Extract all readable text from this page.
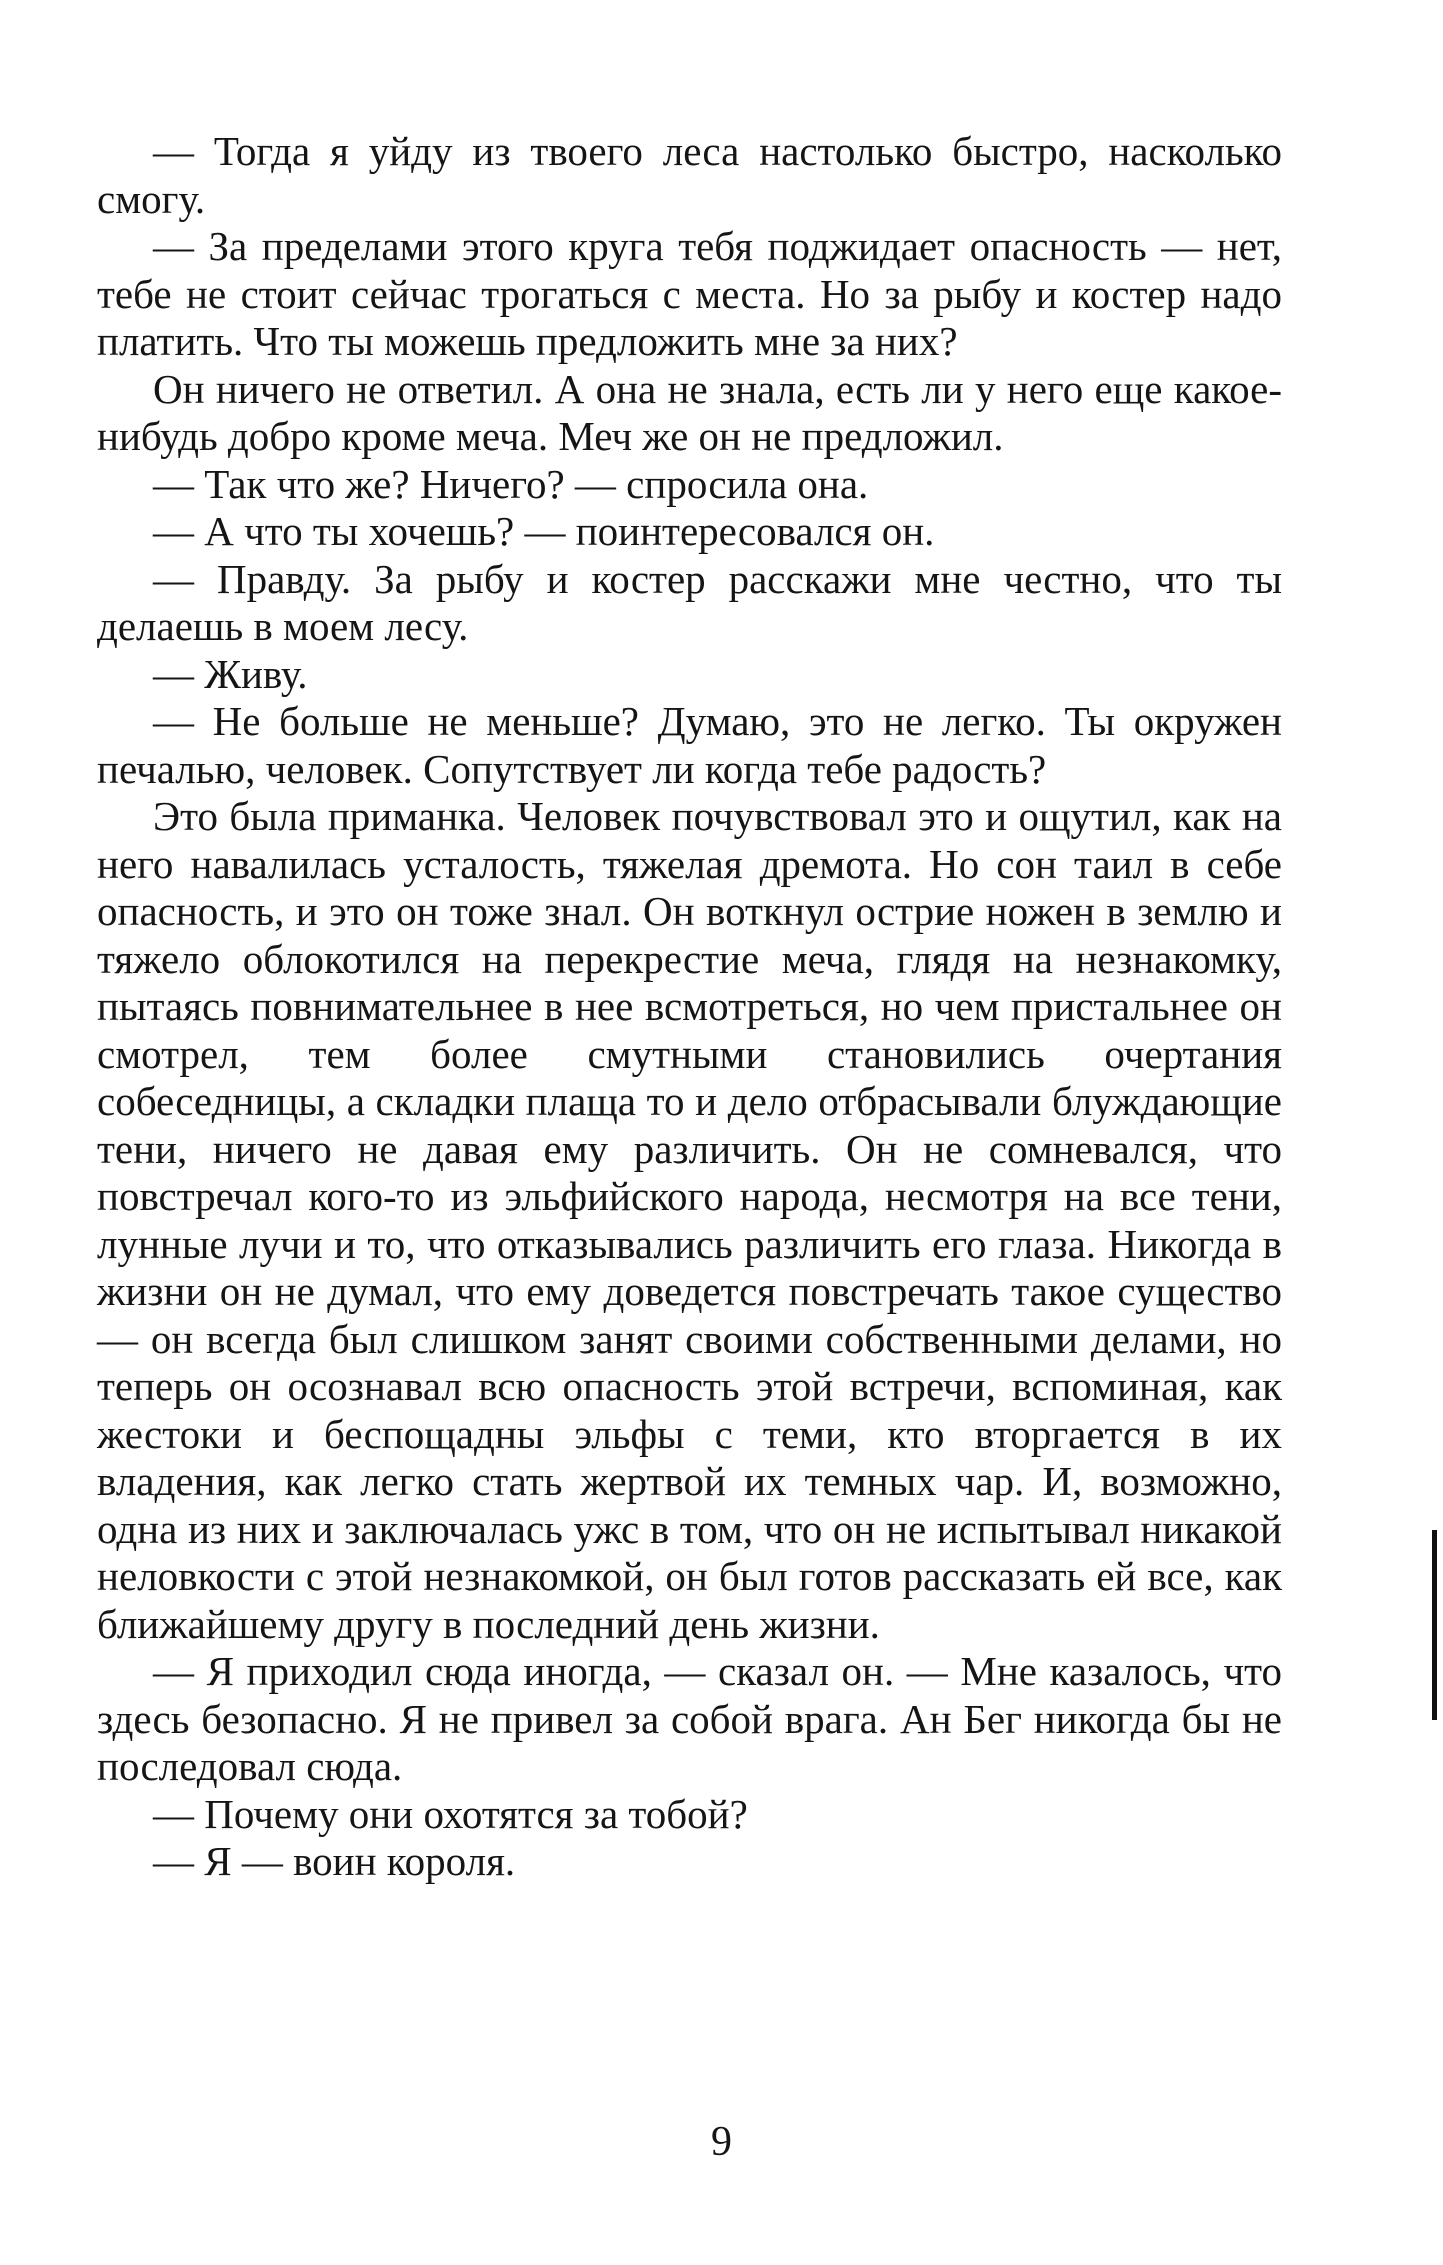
— Тогда я уйду из твоего леса настолько быстро, насколько смогу.

— За пределами этого круга тебя поджидает опасность — нет, тебе не стоит сейчас трогаться с места. Но за рыбу и костер надо платить. Что ты можешь предложить мне за них?

Он ничего не ответил. А она не знала, есть ли у него еще какое-нибудь добро кроме меча. Меч же он не предложил.

— Так что же? Ничего? — спросила она.

— А что ты хочешь? — поинтересовался он.

— Правду. За рыбу и костер расскажи мне честно, что ты делаешь в моем лесу.

— Живу.

— Не больше не меньше? Думаю, это не легко. Ты окружен печалью, человек. Сопутствует ли когда тебе радость?

Это была приманка. Человек почувствовал это и ощутил, как на него навалилась усталость, тяжелая дремота. Но сон таил в себе опасность, и это он тоже знал. Он воткнул острие ножен в землю и тяжело облокотился на перекрестие меча, глядя на незнакомку, пытаясь повнимательнее в нее всмотреться, но чем пристальнее он смотрел, тем более смутными становились очертания собеседницы, а складки плаща то и дело отбрасывали блуждающие тени, ничего не давая ему различить. Он не сомневался, что повстречал кого-то из эльфийского народа, несмотря на все тени, лунные лучи и то, что отказывались различить его глаза. Никогда в жизни он не думал, что ему доведется повстречать такое существо — он всегда был слишком занят своими собственными делами, но теперь он осознавал всю опасность этой встречи, вспоминая, как жестоки и беспощадны эльфы с теми, кто вторгается в их владения, как легко стать жертвой их темных чар. И, возможно, одна из них и заключалась ужс в том, что он не испытывал никакой неловкости с этой незнакомкой, он был готов рассказать ей все, как ближайшему другу в последний день жизни.

— Я приходил сюда иногда, — сказал он. — Мне казалось, что здесь безопасно. Я не привел за собой врага. Ан Бег никогда бы не последовал сюда.

— Почему они охотятся за тобой?

— Я — воин короля.

9
